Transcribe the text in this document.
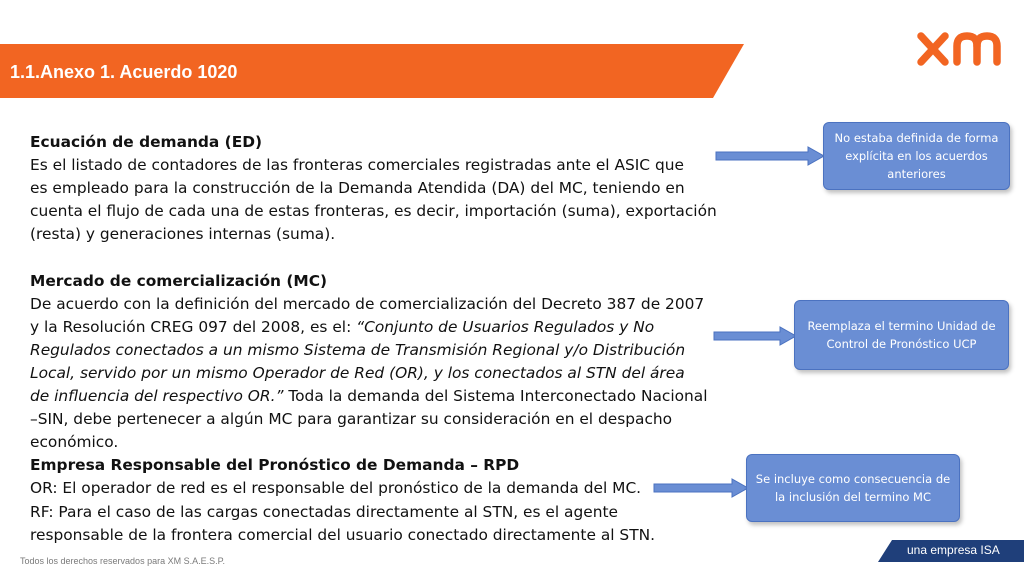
1.1.Anexo 1. Acuerdo 1020
Ecuación de demanda (ED)
Es el listado de contadores de las fronteras comerciales registradas ante el ASIC que
es empleado para la construcción de la Demanda Atendida (DA) del MC, teniendo en
cuenta el flujo de cada una de estas fronteras, es decir, importación (suma), exportación
(resta) y generaciones internas (suma).

Mercado de comercialización (MC)
De acuerdo con la definición del mercado de comercialización del Decreto 387 de 2007
y la Resolución CREG 097 del 2008, es el: “Conjunto de Usuarios Regulados y No
Regulados conectados a un mismo Sistema de Transmisión Regional y/o Distribución
Local, servido por un mismo Operador de Red (OR), y los conectados al STN del área
de influencia del respectivo OR.” Toda la demanda del Sistema Interconectado Nacional
–SIN, debe pertenecer a algún MC para garantizar su consideración en el despacho
económico.
Empresa Responsable del Pronóstico de Demanda – RPD
OR: El operador de red es el responsable del pronóstico de la demanda del MC.
RF: Para el caso de las cargas conectadas directamente al STN, es el agente
responsable de la frontera comercial del usuario conectado directamente al STN.
No estaba definida de forma explícita en los acuerdos anteriores
Reemplaza el termino Unidad de Control de Pronóstico UCP
Se incluye como consecuencia de la inclusión del termino MC
Todos los derechos reservados para XM S.A.E.S.P.
una empresa ISA
